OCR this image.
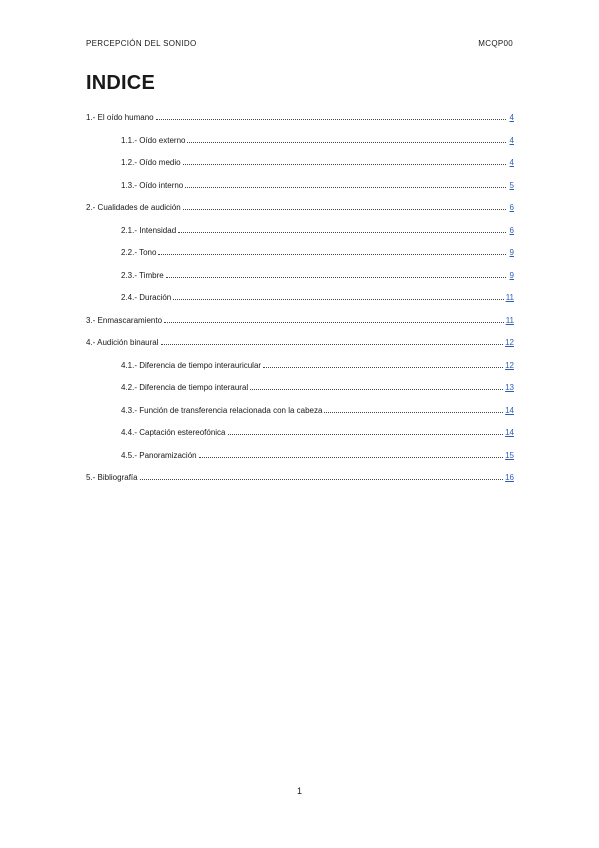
PERCEPCIÓN DEL SONIDO	MCQP00
INDICE
1.- El oído humano	4
1.1.- Oído externo	4
1.2.- Oído medio	4
1.3.- Oído interno	5
2.- Cualidades de audición	6
2.1.- Intensidad	6
2.2.- Tono	9
2.3.- Timbre	9
2.4.- Duración	11
3.- Enmascaramiento	11
4.- Audición binaural	12
4.1.- Diferencia de tiempo interauricular	12
4.2.- Diferencia de tiempo interaural	13
4.3.- Función de transferencia relacionada con la cabeza	14
4.4.- Captación estereofónica	14
4.5.- Panoramización	15
5.- Bibliografía	16
1
